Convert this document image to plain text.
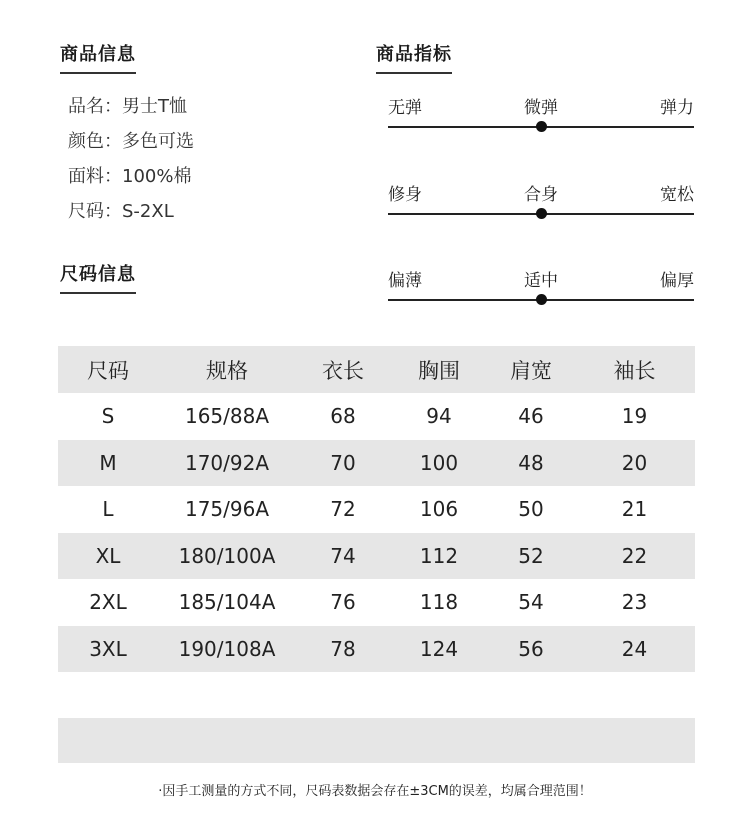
商品信息
品名：男士T恤
颜色：多色可选
面料：100%棉
尺码：S-2XL
商品指标
无弹	微弹	弹力
修身	合身	宽松
偏薄	适中	偏厚
尺码信息
尺码	规格	衣长	胸围	肩宽	袖长
S	165/88A	68	94	46	19
M	170/92A	70	100	48	20
L	175/96A	72	106	50	21
XL	180/100A	74	112	52	22
2XL	185/104A	76	118	54	23
3XL	190/108A	78	124	56	24
·因手工测量的方式不同，尺码表数据会存在±3CM的误差，均属合理范围！
